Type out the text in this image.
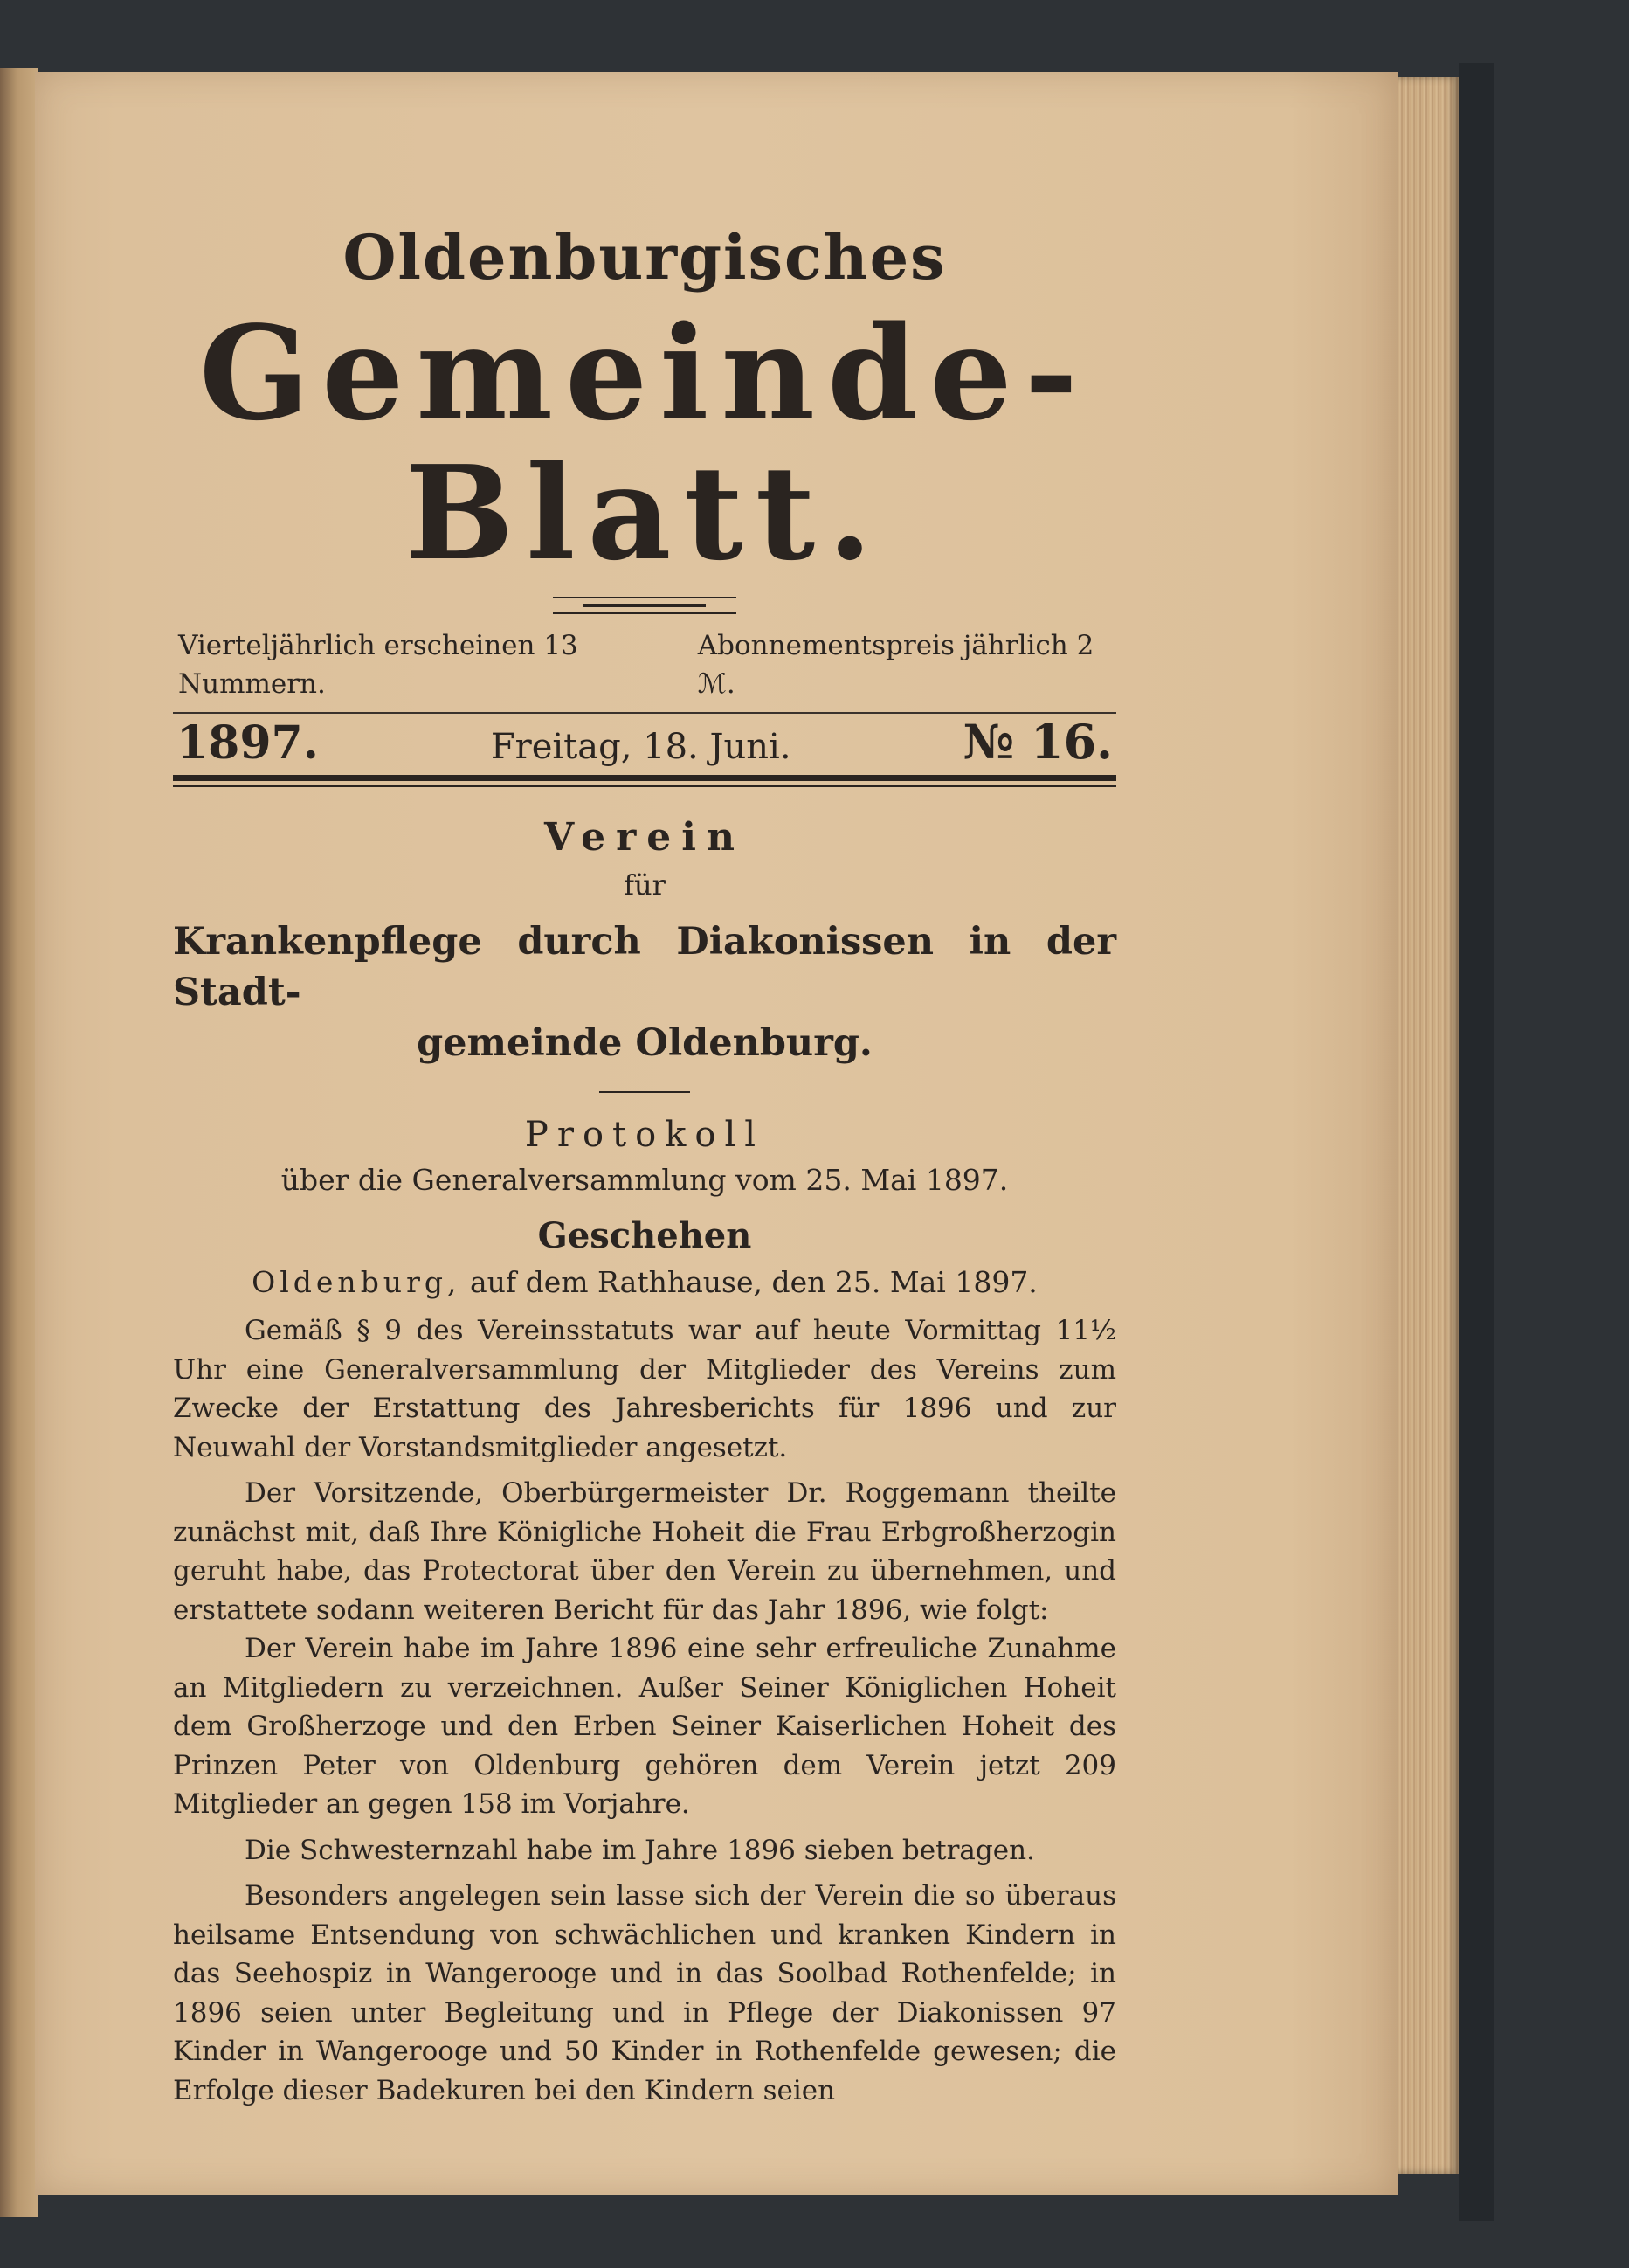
Oldenburgisches
Gemeinde-Blatt.
Vierteljährlich erscheinen 13 Nummern.
Abonnementspreis jährlich 2 ℳ.
1897.	Freitag, 18. Juni.	№ 16.
Verein
für
Krankenpflege durch Diakonissen in der Stadt-
gemeinde Oldenburg.
Protokoll
über die Generalversammlung vom 25. Mai 1897.
Geschehen
Oldenburg, auf dem Rathhause, den 25. Mai 1897.

Gemäß § 9 des Vereinsstatuts war auf heute Vormittag 11½ Uhr eine Generalversammlung der Mitglieder des Vereins zum Zwecke der Erstattung des Jahresberichts für 1896 und zur Neuwahl der Vorstandsmitglieder angesetzt.

Der Vorsitzende, Oberbürgermeister Dr. Roggemann theilte zunächst mit, daß Ihre Königliche Hoheit die Frau Erbgroßherzogin geruht habe, das Protectorat über den Verein zu übernehmen, und erstattete sodann weiteren Bericht für das Jahr 1896, wie folgt:

Der Verein habe im Jahre 1896 eine sehr erfreuliche Zunahme an Mitgliedern zu verzeichnen. Außer Seiner Königlichen Hoheit dem Großherzoge und den Erben Seiner Kaiserlichen Hoheit des Prinzen Peter von Oldenburg gehören dem Verein jetzt 209 Mitglieder an gegen 158 im Vorjahre.

Die Schwesternzahl habe im Jahre 1896 sieben betragen.

Besonders angelegen sein lasse sich der Verein die so überaus heilsame Entsendung von schwächlichen und kranken Kindern in das Seehospiz in Wangerooge und in das Soolbad Rothenfelde; in 1896 seien unter Begleitung und in Pflege der Diakonissen 97 Kinder in Wangerooge und 50 Kinder in Rothenfelde gewesen; die Erfolge dieser Badekuren bei den Kindern seien
